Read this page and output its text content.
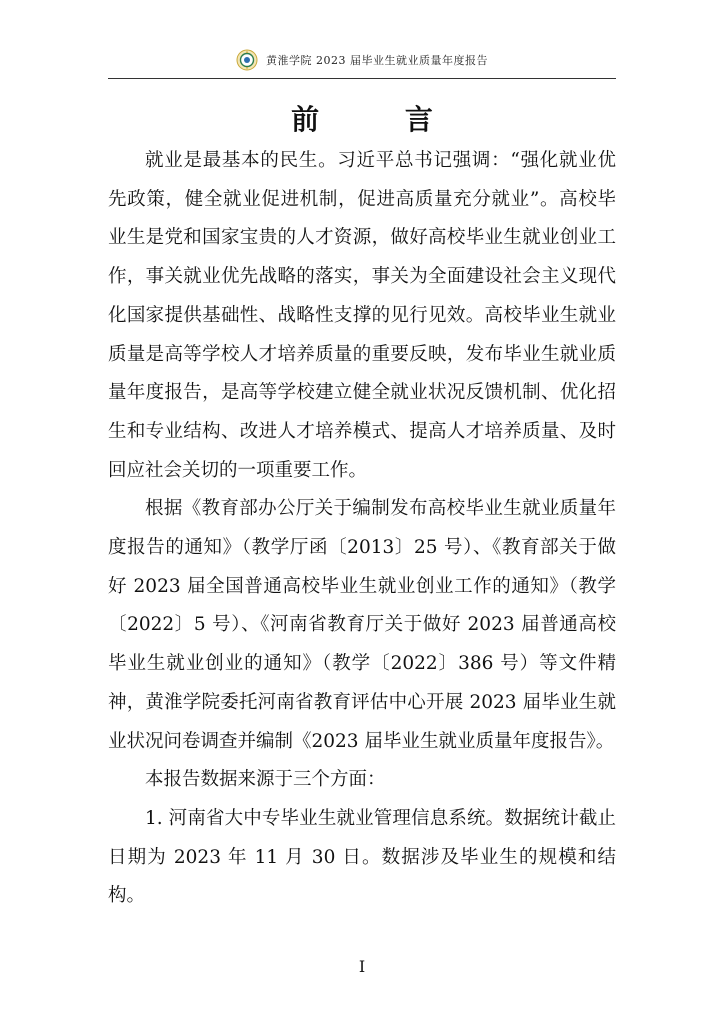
黄淮学院 2023 届毕业生就业质量年度报告
前 言

就业是最基本的民生。习近平总书记强调：“强化就业优先政策，健全就业促进机制，促进高质量充分就业”。高校毕业生是党和国家宝贵的人才资源，做好高校毕业生就业创业工作，事关就业优先战略的落实，事关为全面建设社会主义现代化国家提供基础性、战略性支撑的见行见效。高校毕业生就业质量是高等学校人才培养质量的重要反映，发布毕业生就业质量年度报告，是高等学校建立健全就业状况反馈机制、优化招生和专业结构、改进人才培养模式、提高人才培养质量、及时回应社会关切的一项重要工作。

根据《教育部办公厅关于编制发布高校毕业生就业质量年度报告的通知》（教学厅函〔2013〕25 号）、《教育部关于做好 2023 届全国普通高校毕业生就业创业工作的通知》（教学〔2022〕5 号）、《河南省教育厅关于做好 2023 届普通高校毕业生就业创业的通知》（教学〔2022〕386 号）等文件精神，黄淮学院委托河南省教育评估中心开展 2023 届毕业生就业状况问卷调查并编制《2023 届毕业生就业质量年度报告》。

本报告数据来源于三个方面：

1. 河南省大中专毕业生就业管理信息系统。数据统计截止日期为 2023 年 11 月 30 日。数据涉及毕业生的规模和结构。

I
